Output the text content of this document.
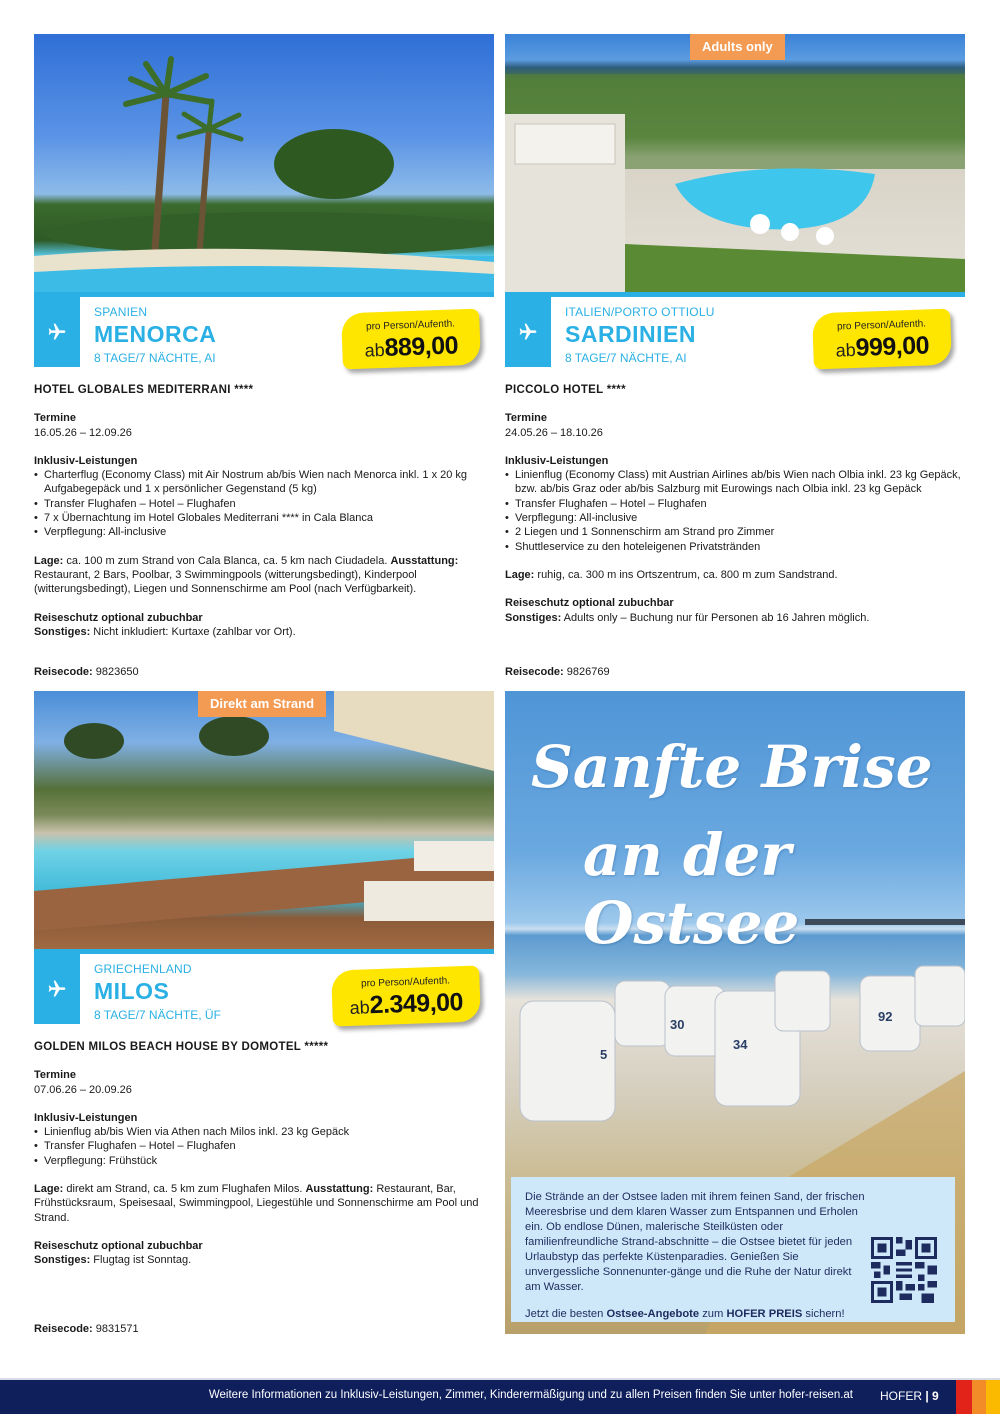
SPANIEN
MENORCA
8 TAGE/7 NÄCHTE, AI
pro Person/Aufenth.
ab889,00
HOTEL GLOBALES MEDITERRANI ****
Termine
16.05.26 – 12.09.26
Inklusiv-Leistungen
• Charterflug (Economy Class) mit Air Nostrum ab/bis Wien nach Menorca inkl. 1 x 20 kg Aufgabegepäck und 1 x persönlicher Gegenstand (5 kg)
• Transfer Flughafen – Hotel – Flughafen
• 7 x Übernachtung im Hotel Globales Mediterrani **** in Cala Blanca
• Verpflegung: All-inclusive
Lage: ca. 100 m zum Strand von Cala Blanca, ca. 5 km nach Ciudadela. Ausstattung: Restaurant, 2 Bars, Poolbar, 3 Swimmingpools (witterungsbedingt), Kinderpool (witterungsbedingt), Liegen und Sonnenschirme am Pool (nach Verfügbarkeit).
Reiseschutz optional zubuchbar
Sonstiges: Nicht inkludiert: Kurtaxe (zahlbar vor Ort).
Reisecode: 9823650
Adults only
ITALIEN/PORTO OTTIOLU
SARDINIEN
8 TAGE/7 NÄCHTE, AI
pro Person/Aufenth.
ab999,00
PICCOLO HOTEL ****
Termine
24.05.26 – 18.10.26
Inklusiv-Leistungen
• Linienflug (Economy Class) mit Austrian Airlines ab/bis Wien nach Olbia inkl. 23 kg Gepäck, bzw. ab/bis Graz oder ab/bis Salzburg mit Eurowings nach Olbia inkl. 23 kg Gepäck
• Transfer Flughafen – Hotel – Flughafen
• Verpflegung: All-inclusive
• 2 Liegen und 1 Sonnenschirm am Strand pro Zimmer
• Shuttleservice zu den hoteleigenen Privatstränden
Lage: ruhig, ca. 300 m ins Ortszentrum, ca. 800 m zum Sandstrand.
Reiseschutz optional zubuchbar
Sonstiges: Adults only – Buchung nur für Personen ab 16 Jahren möglich.
Reisecode: 9826769
Direkt am Strand
GRIECHENLAND
MILOS
8 TAGE/7 NÄCHTE, ÜF
pro Person/Aufenth.
ab2.349,00
GOLDEN MILOS BEACH HOUSE BY DOMOTEL *****
Termine
07.06.26 – 20.09.26
Inklusiv-Leistungen
• Linienflug ab/bis Wien via Athen nach Milos inkl. 23 kg Gepäck
• Transfer Flughafen – Hotel – Flughafen
• Verpflegung: Frühstück
Lage: direkt am Strand, ca. 5 km zum Flughafen Milos. Ausstattung: Restaurant, Bar, Frühstücksraum, Speisesaal, Swimmingpool, Liegestühle und Sonnenschirme am Pool und Strand.
Reiseschutz optional zubuchbar
Sonstiges: Flugtag ist Sonntag.
Reisecode: 9831571
5
30
34
92
Sanfte Brise
an der Ostsee
Die Strände an der Ostsee laden mit ihrem feinen Sand, der frischen Meeresbrise und dem klaren Wasser zum Entspannen und Erholen ein. Ob endlose Dünen, malerische Steilküsten oder familienfreundliche Strand-abschnitte – die Ostsee bietet für jeden Urlaubstyp das perfekte Küstenparadies. Genießen Sie unvergessliche Sonnenunter-gänge und die Ruhe der Natur direkt am Wasser.
Jetzt die besten Ostsee-Angebote zum HOFER PREIS sichern!
Weitere Informationen zu Inklusiv-Leistungen, Zimmer, Kinderermäßigung und zu allen Preisen finden Sie unter hofer-reisen.at HOFER | 9
